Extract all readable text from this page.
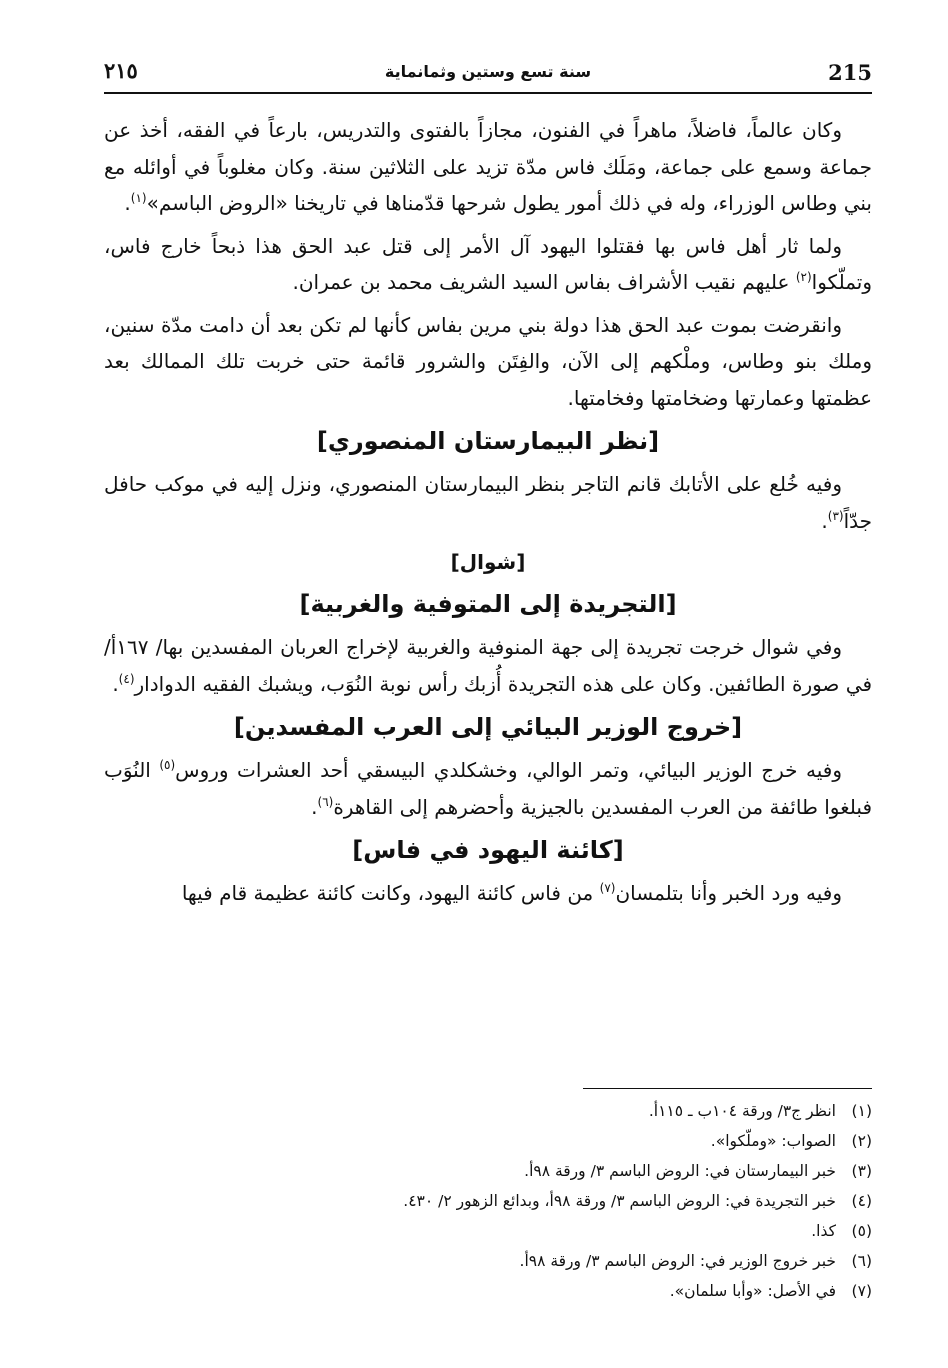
215
سنة تسع وستين وثمانماية
٢١٥

وكان عالماً، فاضلاً، ماهراً في الفنون، مجازاً بالفتوى والتدريس، بارعاً في الفقه، أخذ عن جماعة وسمع على جماعة، ومَلَك فاس مدّة تزيد على الثلاثين سنة. وكان مغلوباً في أوائله مع بني وطاس الوزراء، وله في ذلك أمور يطول شرحها قدّمناها في تاريخنا «الروض الباسم»$^{(١)}$.

ولما ثار أهل فاس بها فقتلوا اليهود آل الأمر إلى قتل عبد الحق هذا ذبحاً خارج فاس، وتملّكوا$^{(٢)}$ عليهم نقيب الأشراف بفاس السيد الشريف محمد بن عمران.

وانقرضت بموت عبد الحق هذا دولة بني مرين بفاس كأنها لم تكن بعد أن دامت مدّة سنين، وملك بنو وطاس، وملْكهم إلى الآن، والفِتَن والشرور قائمة حتى خربت تلك الممالك بعد عظمتها وعمارتها وضخامتها وفخامتها.

[نظر البيمارستان المنصوري]

وفيه خُلع على الأتابك قانم التاجر بنظر البيمارستان المنصوري، ونزل إليه في موكب حافل جدّاً$^{(٣)}$.

[شوال]
[التجريدة إلى المتوفية والغربية]

وفي شوال خرجت تجريدة إلى جهة المنوفية والغربية لإخراج العربان المفسدين بها/ ١٦٧أ/ في صورة الطائفين. وكان على هذه التجريدة أُزبك رأس نوبة النُوَب، ويشبك الفقيه الدوادار$^{(٤)}$.

[خروج الوزير البيائي إلى العرب المفسدين]

وفيه خرج الوزير البيائي، وتمر الوالي، وخشكلدي البيسقي أحد العشرات وروس$^{(٥)}$ النُوَب فبلغوا طائفة من العرب المفسدين بالجيزية وأحضرهم إلى القاهرة$^{(٦)}$.

[كائنة اليهود في فاس]

وفيه ورد الخبر وأنا بتلمسان$^{(٧)}$ من فاس كائنة اليهود، وكانت كائنة عظيمة قام فيها

(١)
انظر ج٣/ ورقة ١٠٤ب ـ ١١٥أ.
(٢)
الصواب: «وملّكوا».
(٣)
خبر البيمارستان في: الروض الباسم ٣/ ورقة ٩٨أ.
(٤)
خبر التجريدة في: الروض الباسم ٣/ ورقة ٩٨أ، وبدائع الزهور ٢/ ٤٣٠.
(٥)
كذا.
(٦)
خبر خروج الوزير في: الروض الباسم ٣/ ورقة ٩٨أ.
(٧)
في الأصل: «وأبا سلمان».
